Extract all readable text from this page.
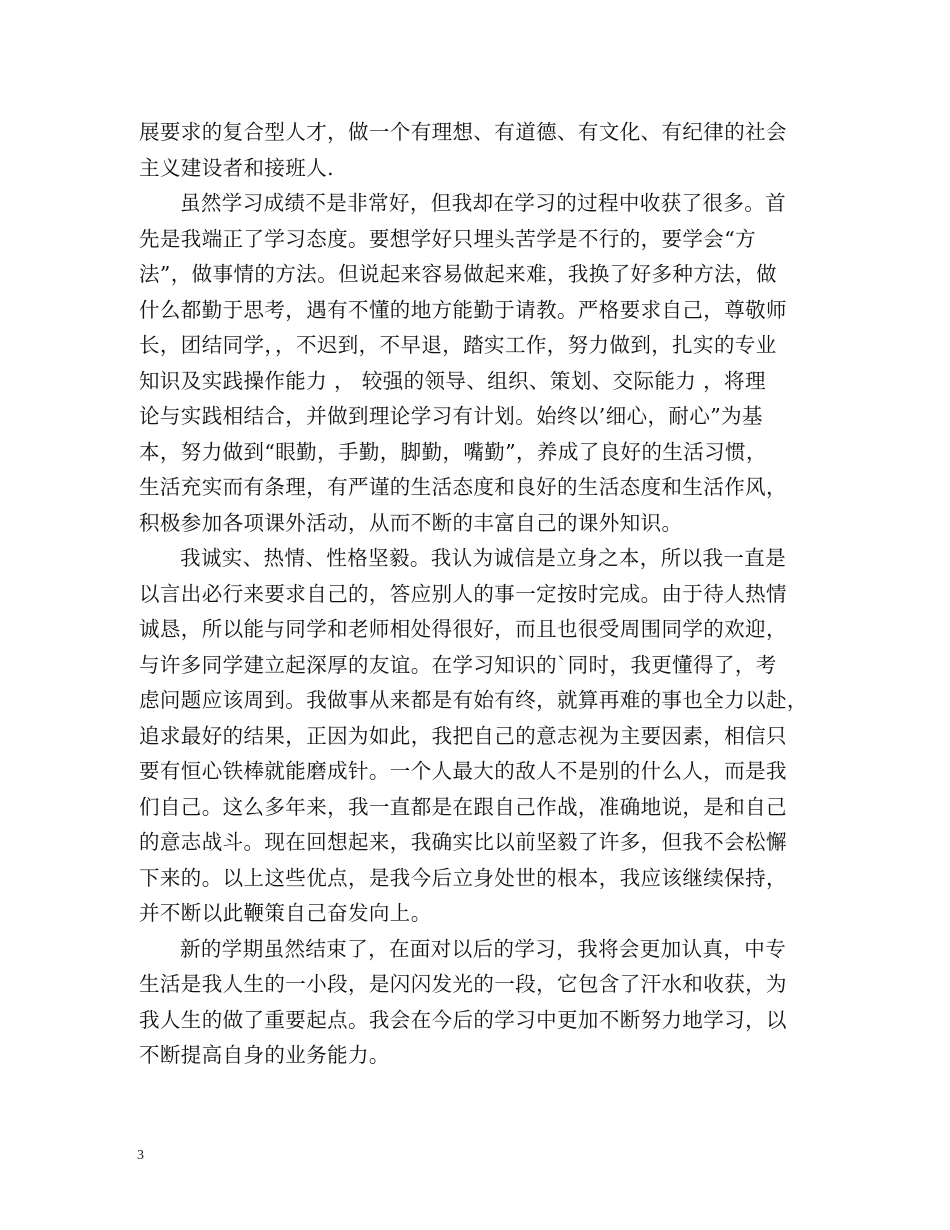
展要求的复合型人才，做一个有理想、有道德、有文化、有纪律的社会
主义建设者和接班人.
虽然学习成绩不是非常好，但我却在学习的过程中收获了很多。首
先是我端正了学习态度。要想学好只埋头苦学是不行的，要学会“方
法”，做事情的方法。但说起来容易做起来难，我换了好多种方法，做
什么都勤于思考，遇有不懂的地方能勤于请教。严格要求自己，尊敬师
长，团结同学，，不迟到，不早退，踏实工作，努力做到，扎实的专业
知识及实践操作能力 ， 较强的领导、组织、策划、交际能力 ，将理
论与实践相结合，并做到理论学习有计划。始终以’细心，耐心”为基
本，努力做到“眼勤，手勤，脚勤，嘴勤”，养成了良好的生活习惯，
生活充实而有条理，有严谨的生活态度和良好的生活态度和生活作风，
积极参加各项课外活动，从而不断的丰富自己的课外知识。
我诚实、热情、性格坚毅。我认为诚信是立身之本，所以我一直是
以言出必行来要求自己的，答应别人的事一定按时完成。由于待人热情
诚恳，所以能与同学和老师相处得很好，而且也很受周围同学的欢迎，
与许多同学建立起深厚的友谊。在学习知识的`同时，我更懂得了，考
虑问题应该周到。我做事从来都是有始有终，就算再难的事也全力以赴，
追求最好的结果，正因为如此，我把自己的意志视为主要因素，相信只
要有恒心铁棒就能磨成针。一个人最大的敌人不是别的什么人，而是我
们自己。这么多年来，我一直都是在跟自己作战，准确地说，是和自己
的意志战斗。现在回想起来，我确实比以前坚毅了许多，但我不会松懈
下来的。以上这些优点，是我今后立身处世的根本，我应该继续保持，
并不断以此鞭策自己奋发向上。
新的学期虽然结束了，在面对以后的学习，我将会更加认真，中专
生活是我人生的一小段，是闪闪发光的一段，它包含了汗水和收获，为
我人生的做了重要起点。我会在今后的学习中更加不断努力地学习，以
不断提高自身的业务能力。
3
